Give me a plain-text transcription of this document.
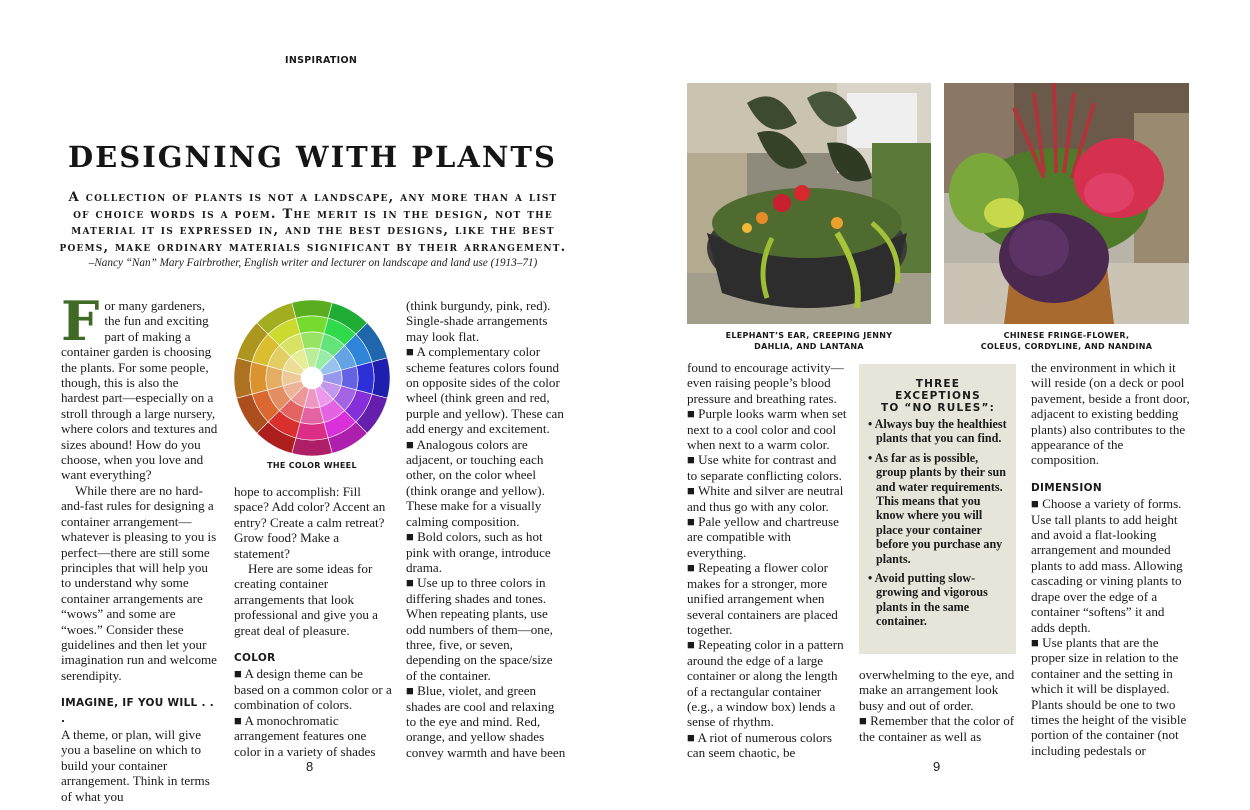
INSPIRATION
DESIGNING WITH PLANTS
A collection of plants is not a landscape, any more than a list of choice words is a poem. The merit is in the design, not the material it is expressed in, and the best designs, like the best poems, make ordinary materials significant by their arrangement.
–Nancy “Nan” Mary Fairbrother, English writer and lecturer on landscape and land use (1913–71)
F or many gardeners, the fun and exciting part of making a container garden is choosing the plants. For some people, though, this is also the hardest part—especially on a stroll through a large nursery, where colors and textures and sizes abound! How do you choose, when you love and want everything?

While there are no hard-and-fast rules for designing a container arrangement—whatever is pleasing to you is perfect—there are still some principles that will help you to understand why some container arrangements are “wows” and some are “woes.” Consider these guidelines and then let your imagination run and welcome serendipity.

IMAGINE, IF YOU WILL . . .

A theme, or plan, will give you a baseline on which to build your container arrangement. Think in terms of what you

THE COLOR WHEEL

hope to accomplish: Fill space? Add color? Accent an entry? Create a calm retreat? Grow food? Make a statement?

Here are some ideas for creating container arrangements that look professional and give you a great deal of pleasure.

COLOR

■ A design theme can be based on a common color or a combination of colors.

■ A monochromatic arrangement features one color in a variety of shades

(think burgundy, pink, red). Single-shade arrangements may look flat.

■ A complementary color scheme features colors found on opposite sides of the color wheel (think green and red, purple and yellow). These can add energy and excitement.

■ Analogous colors are adjacent, or touching each other, on the color wheel (think orange and yellow). These make for a visually calming composition.

■ Bold colors, such as hot pink with orange, introduce drama.

■ Use up to three colors in differing shades and tones. When repeating plants, use odd numbers of them—one, three, five, or seven, depending on the space/size of the container.

■ Blue, violet, and green shades are cool and relaxing to the eye and mind. Red, orange, and yellow shades convey warmth and have been

8
ELEPHANT’S EAR, CREEPING JENNY
DAHLIA, AND LANTANA
CHINESE FRINGE-FLOWER,
COLEUS, CORDYLINE, AND NANDINA

found to encourage activity—even raising people’s blood pressure and breathing rates.

■ Purple looks warm when set next to a cool color and cool when next to a warm color.

■ Use white for contrast and to separate conflicting colors.

■ White and silver are neutral and thus go with any color.

■ Pale yellow and chartreuse are compatible with everything.

■ Repeating a flower color makes for a stronger, more unified arrangement when several containers are placed together.

■ Repeating color in a pattern around the edge of a large container or along the length of a rectangular container (e.g., a window box) lends a sense of rhythm.

■ A riot of numerous colors can seem chaotic, be

THREE
EXCEPTIONS
TO “NO RULES”:
• Always buy the healthiest plants that you can find.
• As far as is possible, group plants by their sun and water requirements. This means that you know where you will place your container before you purchase any plants.
• Avoid putting slow-growing and vigorous plants in the same container.

overwhelming to the eye, and make an arrangement look busy and out of order.

■ Remember that the color of the container as well as

the environment in which it will reside (on a deck or pool pavement, beside a front door, adjacent to existing bedding plants) also contributes to the appearance of the composition.

DIMENSION

■ Choose a variety of forms. Use tall plants to add height and avoid a flat-looking arrangement and mounded plants to add mass. Allowing cascading or vining plants to drape over the edge of a container “softens” it and adds depth.

■ Use plants that are the proper size in relation to the container and the setting in which it will be displayed. Plants should be one to two times the height of the visible portion of the container (not including pedestals or

9
